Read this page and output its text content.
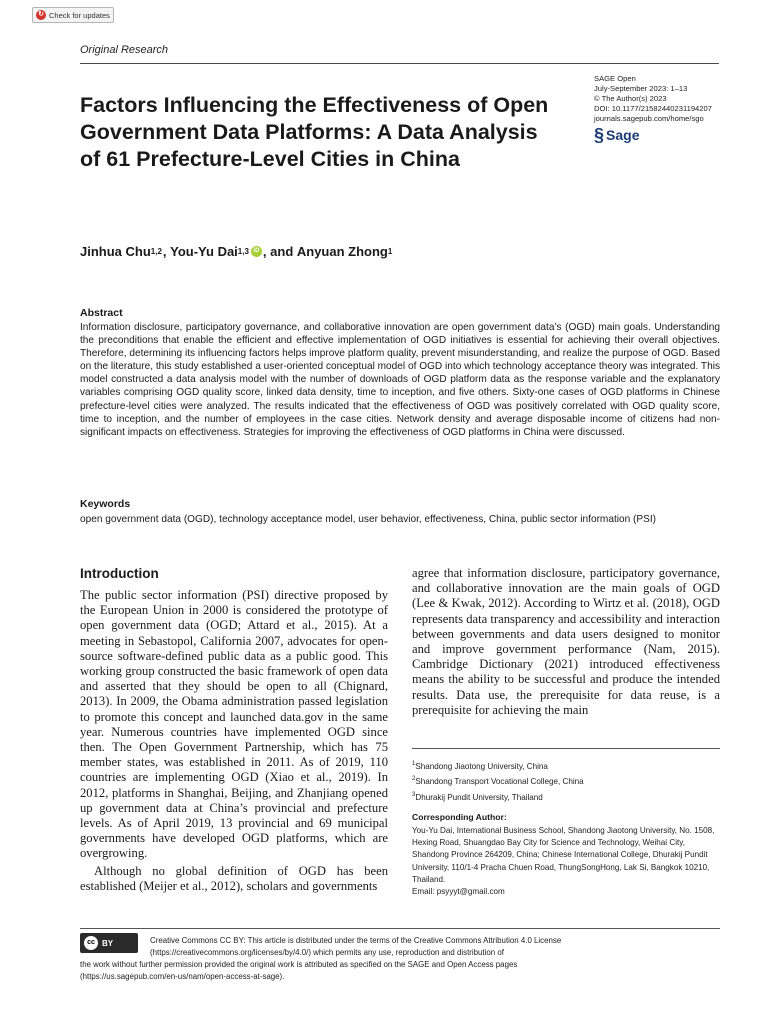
↻ Check for updates
Original Research
SAGE Open
July-September 2023: 1–13
© The Author(s) 2023
DOI: 10.1177/21582440231194207
journals.sagepub.com/home/sgo
§ Sage
Factors Influencing the Effectiveness of Open Government Data Platforms: A Data Analysis of 61 Prefecture-Level Cities in China
Jinhua Chu 1,2 , You-Yu Dai 1,3 iD , and Anyuan Zhong 1
Abstract
Information disclosure, participatory governance, and collaborative innovation are open government data’s (OGD) main goals. Understanding the preconditions that enable the efficient and effective implementation of OGD initiatives is essential for achieving their overall objectives. Therefore, determining its influencing factors helps improve platform quality, prevent misunderstanding, and realize the purpose of OGD. Based on the literature, this study established a user-oriented conceptual model of OGD into which technology acceptance theory was integrated. This model constructed a data analysis model with the number of downloads of OGD platform data as the response variable and the explanatory variables comprising OGD quality score, linked data density, time to inception, and five others. Sixty-one cases of OGD platforms in Chinese prefecture-level cities were analyzed. The results indicated that the effectiveness of OGD was positively correlated with OGD quality score, time to inception, and the number of employees in the case cities. Network density and average disposable income of citizens had non-significant impacts on effectiveness. Strategies for improving the effectiveness of OGD platforms in China were discussed.
Keywords
open government data (OGD), technology acceptance model, user behavior, effectiveness, China, public sector information (PSI)
Introduction

The public sector information (PSI) directive proposed by the European Union in 2000 is considered the prototype of open government data (OGD; Attard et al., 2015). At a meeting in Sebastopol, California 2007, advocates for open-source software-defined public data as a public good. This working group constructed the basic framework of open data and asserted that they should be open to all (Chignard, 2013). In 2009, the Obama administration passed legislation to promote this concept and launched data.gov in the same year. Numerous countries have implemented OGD since then. The Open Government Partnership, which has 75 member states, was established in 2011. As of 2019, 110 countries are implementing OGD (Xiao et al., 2019). In 2012, platforms in Shanghai, Beijing, and Zhanjiang opened up government data at China’s provincial and prefecture levels. As of April 2019, 13 provincial and 69 municipal governments have developed OGD platforms, which are overgrowing.

Although no global definition of OGD has been established (Meijer et al., 2012), scholars and governments

agree that information disclosure, participatory governance, and collaborative innovation are the main goals of OGD (Lee & Kwak, 2012). According to Wirtz et al. (2018), OGD represents data transparency and accessibility and interaction between governments and data users designed to monitor and improve government performance (Nam, 2015). Cambridge Dictionary (2021) introduced effectiveness means the ability to be successful and produce the intended results. Data use, the prerequisite for data reuse, is a prerequisite for achieving the main

$^1$Shandong Jiaotong University, China
$^2$Shandong Transport Vocational College, China
$^3$Dhurakij Pundit University, Thailand
Corresponding Author:
You-Yu Dai, International Business School, Shandong Jiaotong University, No. 1508, Hexing Road, Shuangdao Bay City for Science and Technology, Weihai City, Shandong Province 264209, China; Chinese International College, Dhurakij Pundit University, 110/1-4 Pracha Chuen Road, ThungSongHong, Lak Si, Bangkok 10210, Thailand.
Email: psyyyt@gmail.com
cc BY	Creative Commons CC BY: This article is distributed under the terms of the Creative Commons Attribution 4.0 License
(https://creativecommons.org/licenses/by/4.0/) which permits any use, reproduction and distribution of
the work without further permission provided the original work is attributed as specified on the SAGE and Open Access pages
(https://us.sagepub.com/en-us/nam/open-access-at-sage).
